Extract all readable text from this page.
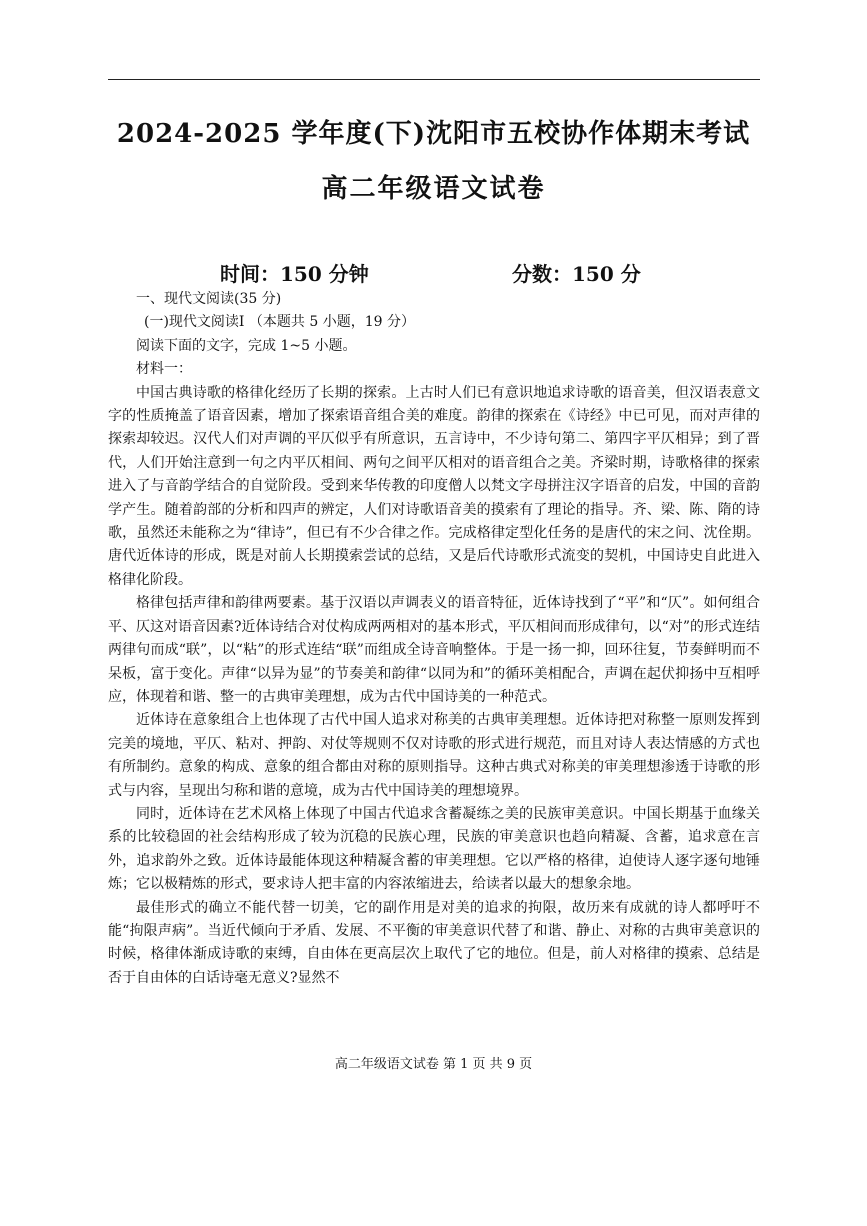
2024-2025 学年度(下)沈阳市五校协作体期末考试
高二年级语文试卷
时间：150 分钟	分数：150 分
一、现代文阅读(35 分)
(一)现代文阅读Ⅰ （本题共 5 小题，19 分）
阅读下面的文字，完成 1~5 小题。
材料一：

中国古典诗歌的格律化经历了长期的探索。上古时人们已有意识地追求诗歌的语音美，但汉语表意文字的性质掩盖了语音因素，增加了探索语音组合美的难度。韵律的探索在《诗经》中已可见，而对声律的探索却较迟。汉代人们对声调的平仄似乎有所意识，五言诗中，不少诗句第二、第四字平仄相异；到了晋代，人们开始注意到一句之内平仄相间、两句之间平仄相对的语音组合之美。齐梁时期，诗歌格律的探索进入了与音韵学结合的自觉阶段。受到来华传教的印度僧人以梵文字母拼注汉字语音的启发，中国的音韵学产生。随着韵部的分析和四声的辨定，人们对诗歌语音美的摸索有了理论的指导。齐、梁、陈、隋的诗歌，虽然还未能称之为“律诗”，但已有不少合律之作。完成格律定型化任务的是唐代的宋之问、沈佺期。唐代近体诗的形成，既是对前人长期摸索尝试的总结，又是后代诗歌形式流变的契机，中国诗史自此进入格律化阶段。

格律包括声律和韵律两要素。基于汉语以声调表义的语音特征，近体诗找到了“平”和“仄”。如何组合平、仄这对语音因素?近体诗结合对仗构成两两相对的基本形式，平仄相间而形成律句，以“对”的形式连结两律句而成“联”，以“粘”的形式连结“联”而组成全诗音响整体。于是一扬一抑，回环往复，节奏鲜明而不呆板，富于变化。声律“以异为显”的节奏美和韵律“以同为和”的循环美相配合，声调在起伏抑扬中互相呼应，体现着和谐、整一的古典审美理想，成为古代中国诗美的一种范式。

近体诗在意象组合上也体现了古代中国人追求对称美的古典审美理想。近体诗把对称整一原则发挥到完美的境地，平仄、粘对、押韵、对仗等规则不仅对诗歌的形式进行规范，而且对诗人表达情感的方式也有所制约。意象的构成、意象的组合都由对称的原则指导。这种古典式对称美的审美理想渗透于诗歌的形式与内容，呈现出匀称和谐的意境，成为古代中国诗美的理想境界。

同时，近体诗在艺术风格上体现了中国古代追求含蓄凝练之美的民族审美意识。中国长期基于血缘关系的比较稳固的社会结构形成了较为沉稳的民族心理，民族的审美意识也趋向精凝、含蓄，追求意在言外，追求韵外之致。近体诗最能体现这种精凝含蓄的审美理想。它以严格的格律，迫使诗人逐字逐句地锤炼；它以极精炼的形式，要求诗人把丰富的内容浓缩进去，给读者以最大的想象余地。

最佳形式的确立不能代替一切美，它的副作用是对美的追求的拘限，故历来有成就的诗人都呼吁不能“拘限声病”。当近代倾向于矛盾、发展、不平衡的审美意识代替了和谐、静止、对称的古典审美意识的时候，格律体渐成诗歌的束缚，自由体在更高层次上取代了它的地位。但是，前人对格律的摸索、总结是否于自由体的白话诗毫无意义?显然不

高二年级语文试卷 第 1 页 共 9 页
